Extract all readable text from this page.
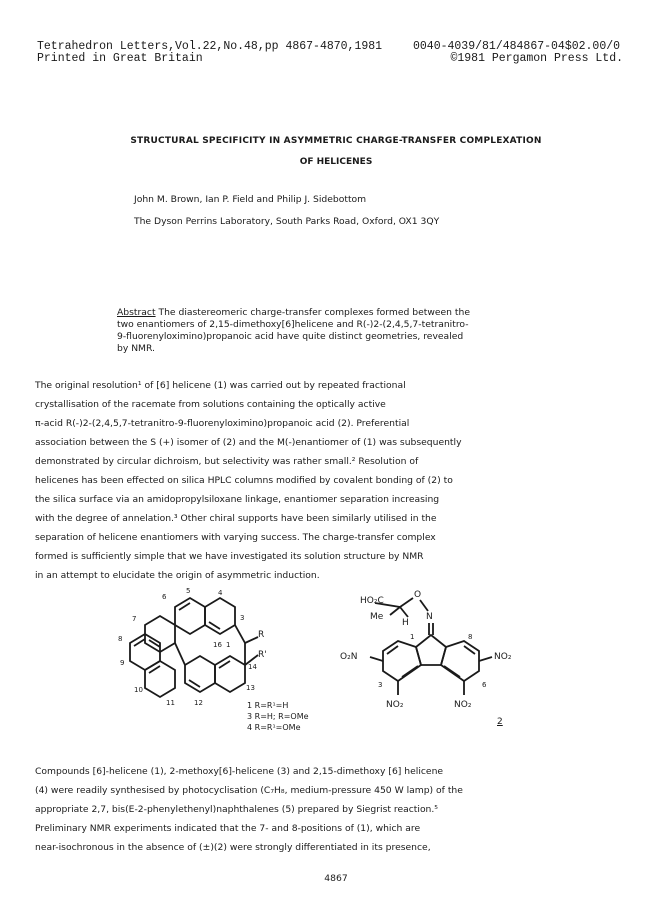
Tetrahedron Letters,Vol.22,No.48,pp 4867-4870,1981
Printed in Great Britain
0040-4039/81/484867-04$02.00/0
©1981 Pergamon Press Ltd.
STRUCTURAL SPECIFICITY IN ASYMMETRIC CHARGE-TRANSFER COMPLEXATION
OF HELICENES
John M. Brown, Ian P. Field and Philip J. Sidebottom
The Dyson Perrins Laboratory, South Parks Road, Oxford, OX1 3QY
Abstract The diastereomeric charge-transfer complexes formed between the
two enantiomers of 2,15-dimethoxy[6]helicene and R(-)2-(2,4,5,7-tetranitro-
9-fluorenyloximino)propanoic acid have quite distinct geometries, revealed
by NMR.
The original resolution¹ of [6] helicene (1) was carried out by repeated fractional
crystallisation of the racemate from solutions containing the optically active
π-acid R(-)2-(2,4,5,7-tetranitro-9-fluorenyloximino)propanoic acid (2). Preferential
association between the S (+) isomer of (2) and the M(-)enantiomer of (1) was subsequently
demonstrated by circular dichroism, but selectivity was rather small.² Resolution of
helicenes has been effected on silica HPLC columns modified by covalent bonding of (2) to
the silica surface via an amidopropylsiloxane linkage, enantiomer separation increasing
with the degree of annelation.³ Other chiral supports have been similarly utilised in the
separation of helicene enantiomers with varying success. The charge-transfer complex
formed is sufficiently simple that we have investigated its solution structure by NMR
in an attempt to elucidate the origin of asymmetric induction.
6
5	4
7	3
8
16 1
R
R'
14
9
10	13
11	12	1 R=R¹=H
3 R=H; R=OMe
4 R=R¹=OMe
HO₂C
Me
H
O
N
1	8
O₂N	NO₂
3	6
NO₂	NO₂
2
Compounds [6]-helicene (1), 2-methoxy[6]-helicene (3) and 2,15-dimethoxy [6] helicene
(4) were readily synthesised by photocyclisation (C₇H₈, medium-pressure 450 W lamp) of the
appropriate 2,7, bis(E-2-phenylethenyl)naphthalenes (5) prepared by Siegrist reaction.⁵
Preliminary NMR experiments indicated that the 7- and 8-positions of (1), which are
near-isochronous in the absence of (±)(2) were strongly differentiated in its presence,
4867
